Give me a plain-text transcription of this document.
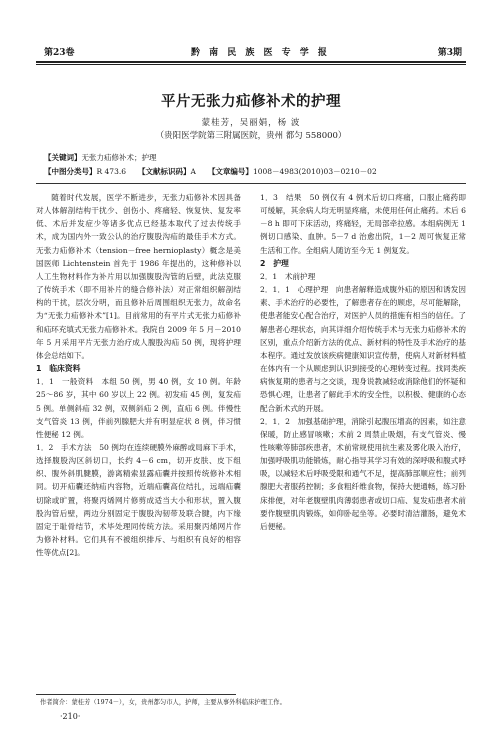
第23卷	黔 南 民 族 医 专 学 报	第3期
平片无张力疝修补术的护理
蒙桂芳，吴丽娟，杨 波
（贵阳医学院第三附属医院，贵州 都匀 558000）
【关键词】无张力疝修补术；护理
【中图分类号】R 473.6 【文献标识码】A 【文章编号】1008－4983(2010)03－0210－02

随着时代发展，医学不断进步，无张力疝修补术因具备对人体解剖结构干扰少、创伤小、疼痛轻、恢复快、复发率低、术后并发症少等诸多优点已经基本取代了过去传统手术，成为国内外一致公认的治疗腹股沟疝的最佳手术方式。无张力疝修补术（tension－free hernioplasty）概念是美国医师 Lichtenstein 首先于 1986 年提出的，这种修补以人工生物材料作为补片用以加强腹股沟管的后壁，此法克服了传统手术（即不用补片的缝合修补法）对正常组织解剖结构的干扰，层次分明，而且修补后周围组织无张力，故命名为“无张力疝修补术”[1]。目前常用的有平片式无张力疝修补和疝环充填式无张力疝修补术。我院自 2009 年 5 月－2010 年 5 月采用平片无张力治疗成人腹股沟疝 50 例，现将护理体会总结如下。

1　临床资料

1．1　一般资料　 本组 50 例，男 40 例，女 10 例。年龄 25～86 岁，其中 60 岁以上 22 例。初发疝 45 例，复发疝 5 例。单侧斜疝 32 例，双侧斜疝 2 例，直疝 6 例。伴慢性支气管炎 13 例，伴前列腺肥大并有明显症状 8 例，伴习惯性便秘 12 例。

1．2　手术方法　 50 例均在连续硬膜外麻醉或局麻下手术，选择腹股沟区斜切口，长约 4－6 cm，切开皮肤、皮下组织、腹外斜肌腱膜，游离精索显露疝囊并按照传统修补术相同。切开疝囊还纳疝内容物，近端疝囊高位结扎，远端疝囊切除或旷置，将聚丙烯网片修剪成适当大小和形状，置入腹股沟管后壁，两边分别固定于腹股沟韧带及联合腱，内下缘固定于耻骨结节，术毕处理同传统方法。采用聚丙烯网片作为修补材料。它们具有不被组织排斥、与组织有良好的相容性等优点[2]。

1．3　结果　50 例仅有 4 例术后切口疼痛，口服止痛药即可缓解，其余病人均无明显疼痛，未使用任何止痛药。术后 6－8 h 即可下床活动，疼痛轻，无局部牵拉感。本组病例无 1 例切口感染、血肿。5－7 d 治愈出院，1－2 周可恢复正常生活和工作。全组病人随访至今无 1 例复发。

2　护理
2．1　术前护理

2．1．1　心理护理　 向患者解释造成腹外疝的原因和诱发因素、手术治疗的必要性，了解患者存在的顾虑，尽可能解除，使患者能安心配合治疗，对医护人员的措施有相当的信任。了解患者心理状态，向其详细介绍传统手术与无张力疝修补术的区别，重点介绍新方法的优点、新材料的特性及手术治疗的基本程序。通过发放该疾病健康知识宣传册，使病人对新材料植在体内有一个从顾虑到认识到接受的心理转变过程。找同类疾病恢复期的患者与之交谈，现身说教减轻或消除他们的怀疑和恐惧心理，让患者了解此手术的安全性，以积极、健康的心态配合新术式的开展。

2．1．2　加强基础护理，消除引起腹压增高的因素，如注意保暖，防止感冒咳嗽；术前 2 周禁止吸烟，有支气管炎、慢性咳嗽等肺部疾患者，术前常规使用抗生素及雾化吸入治疗，加强呼吸肌功能锻炼，耐心指导其学习有效的深呼吸和腹式呼吸，以减轻术后呼吸受限和通气不足，提高肺部顺应性；前列腺肥大者服药控制；多食粗纤维食物，保持大便通畅，练习卧床排便，对年老腹壁肌肉薄弱患者或切口疝、复发疝患者术前要作腹壁肌肉锻炼，如仰卧起坐等。必要时清洁灌肠，避免术后便秘。

作者简介：蒙桂芳（1974－），女，贵州都匀市人，护师，主要从事外科临床护理工作。
·210·
